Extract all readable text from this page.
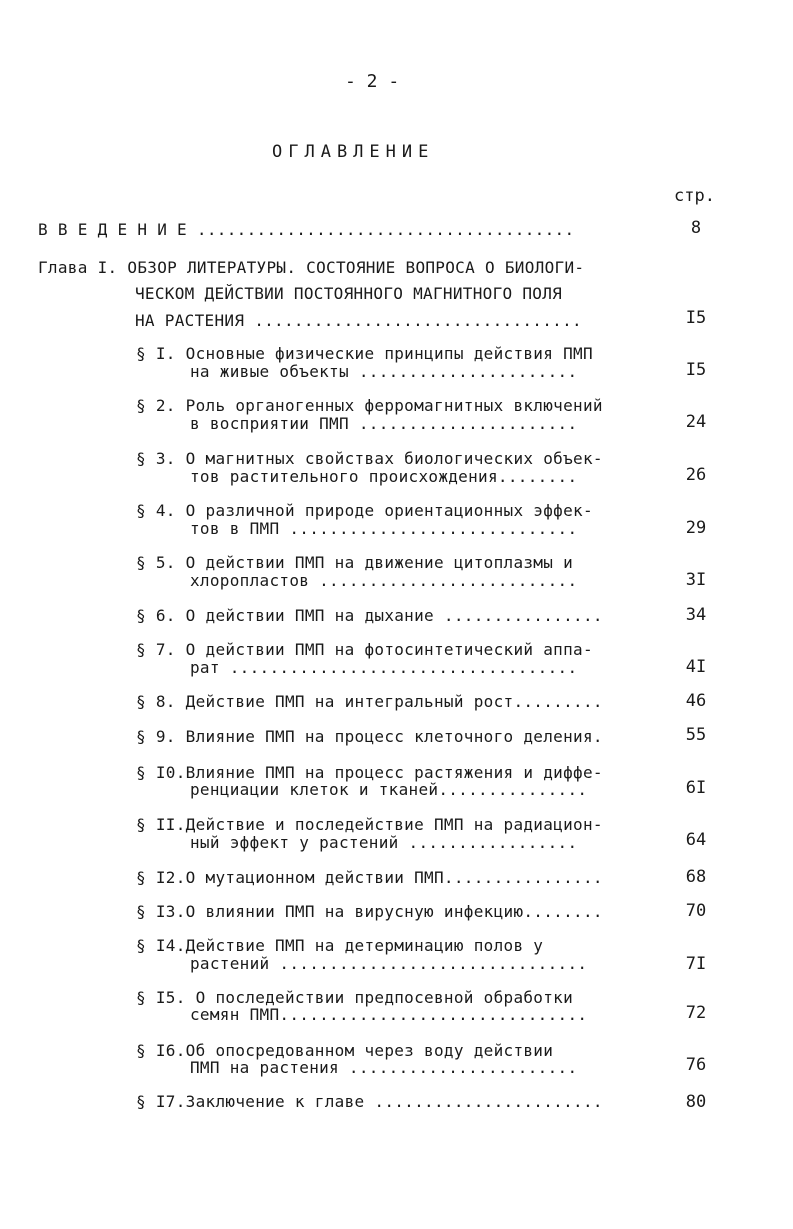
- 2 -
ОГЛАВЛЕНИЕ
стр.
В В Е Д Е Н И Е ......................................	8
Глава I. ОБЗОР ЛИТЕРАТУРЫ. СОСТОЯНИЕ ВОПРОСА О БИОЛОГИ-
ЧЕСКОМ ДЕЙСТВИИ ПОСТОЯННОГО МАГНИТНОГО ПОЛЯ
НА РАСТЕНИЯ .................................	I5
§ I. Основные физические принципы действия ПМП
на живые объекты ......................	I5
§ 2. Роль органогенных ферромагнитных включений
в восприятии ПМП ......................	24
§ 3. О магнитных свойствах биологических объек-
тов растительного происхождения........	26
§ 4. О различной природе ориентационных эффек-
тов в ПМП .............................	29
§ 5. О действии ПМП на движение цитоплазмы и
хлоропластов ..........................	3I
§ 6. О действии ПМП на дыхание ................	34
§ 7. О действии ПМП на фотосинтетический аппа-
рат ...................................	4I
§ 8. Действие ПМП на интегральный рост.........	46
§ 9. Влияние ПМП на процесс клеточного деления.	55
§ I0.Влияние ПМП на процесс растяжения и диффе-
ренциации клеток и тканей...............	6I
§ II.Действие и последействие ПМП на радиацион-
ный эффект у растений .................	64
§ I2.О мутационном действии ПМП................	68
§ I3.О влиянии ПМП на вирусную инфекцию........	70
§ I4.Действие ПМП на детерминацию полов у
растений ...............................	7I
§ I5. О последействии предпосевной обработки
семян ПМП...............................	72
§ I6.Об опосредованном через воду действии
ПМП на растения .......................	76
§ I7.Заключение к главе .......................	80
